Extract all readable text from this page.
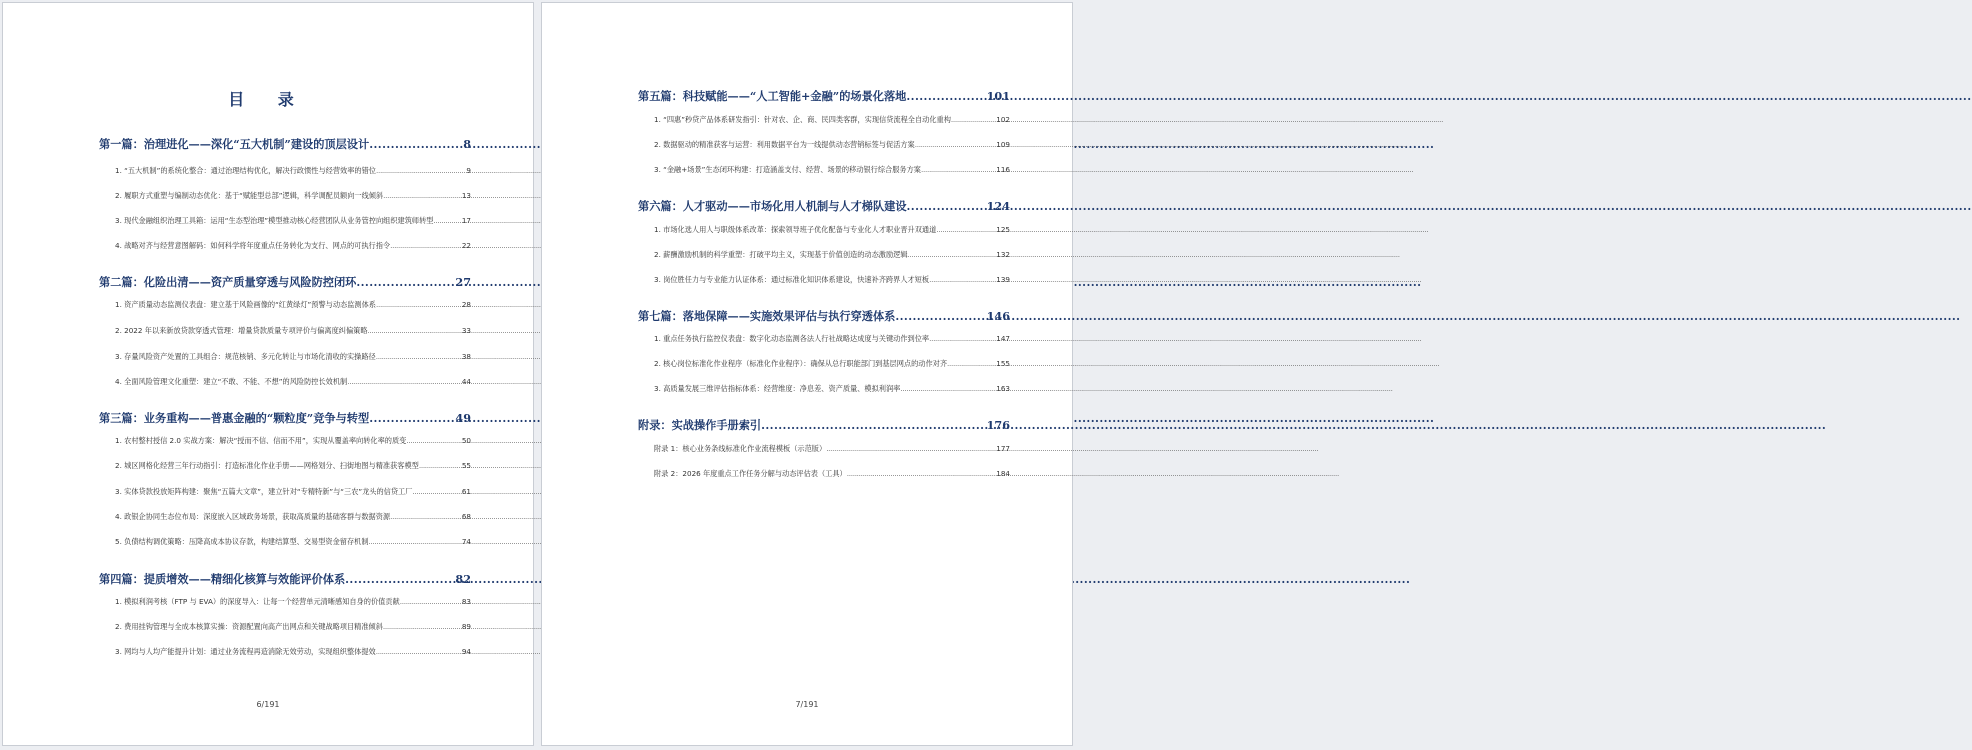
目 录
第一篇：治理进化——深化“五大机制”建设的顶层设计 .....	8
1. “五大机制”的系统化整合：通过治理结构优化，解决行政惯性与经营效率的错位 .....	9
2. 履职方式重塑与编制动态优化：基于“赋能型总部”逻辑，科学调配员额向一线倾斜 .....	13
3. 现代金融组织治理工具箱：运用“生态型治理”模型推动核心经营团队从业务管控向组织建筑师转型 .....	17
4. 战略对齐与经营意图解码：如何科学将年度重点任务转化为支行、网点的可执行指令 .....	22
第二篇：化险出清——资产质量穿透与风险防控闭环 .....	27
1. 资产质量动态监测仪表盘：建立基于风险画像的“红黄绿灯”预警与动态监测体系 .....	28
2. 2022 年以来新放贷款穿透式管理：增量贷款质量专项评价与偏离度纠偏策略 .....	33
3. 存量风险资产处置的工具组合：规范核销、多元化转让与市场化清收的实操路径 .....	38
4. 全面风险管理文化重塑：建立“不敢、不能、不想”的风险防控长效机制 .....	44
第三篇：业务重构——普惠金融的“颗粒度”竞争与转型 .....	49
1. 农村整村授信 2.0 实战方案：解决“授而不信、信而不用”，实现从覆盖率向转化率的质变 .....	50
2. 城区网格化经营三年行动指引：打造标准化作业手册——网格划分、扫街地图与精准获客模型 .....	55
3. 实体贷款投放矩阵构建：聚焦“五篇大文章”，建立针对“专精特新”与“三农”龙头的信贷工厂 .....	61
4. 政银企协同生态位布局：深度嵌入区域政务场景，获取高质量的基础客群与数据资源 .....	68
5. 负债结构调优策略：压降高成本协议存款，构建结算型、交易型资金留存机制 .....	74
第四篇：提质增效——精细化核算与效能评价体系 .....	82
1. 模拟利润考核（FTP 与 EVA）的深度导入：让每一个经营单元清晰感知自身的价值贡献 .....	83
2. 费用挂钩管理与全成本核算实操：资源配置向高产出网点和关键战略项目精准倾斜 .....	89
3. 网均与人均产能提升计划：通过业务流程再造消除无效劳动，实现组织整体提效 .....	94
6/191
第五篇：科技赋能——“人工智能+金融”的场景化落地 .....	101
1. “四惠”秒贷产品体系研发指引：针对农、企、商、民四类客群，实现信贷流程全自动化重构 .....	102
2. 数据驱动的精准获客与运营：利用数据平台为一线提供动态营销标签与促活方案 .....	109
3. “金融+场景”生态闭环构建：打造涵盖支付、经营、场景的移动银行综合服务方案 .....	116
第六篇：人才驱动——市场化用人机制与人才梯队建设 .....	124
1. 市场化选人用人与职级体系改革：探索领导班子优化配备与专业化人才职业晋升双通道 .....	125
2. 薪酬激励机制的科学重塑：打破平均主义，实现基于价值创造的动态激励逻辑 .....	132
3. 岗位胜任力与专业能力认证体系：通过标准化知识体系建设，快速补齐跨界人才短板 .....	139
第七篇：落地保障——实施效果评估与执行穿透体系 .....	146
1. 重点任务执行监控仪表盘：数字化动态监测各法人行社战略达成度与关键动作到位率 .....	147
2. 核心岗位标准化作业程序（标准化作业程序）：确保从总行职能部门到基层网点的动作对齐 .....	155
3. 高质量发展三维评估指标体系：经营维度：净息差、资产质量、模拟利润率 .....	163
附录：实战操作手册索引 .....	176
附录 1：核心业务条线标准化作业流程模板（示范版） .....	177
附录 2：2026 年度重点工作任务分解与动态评估表（工具） .....	184
7/191
